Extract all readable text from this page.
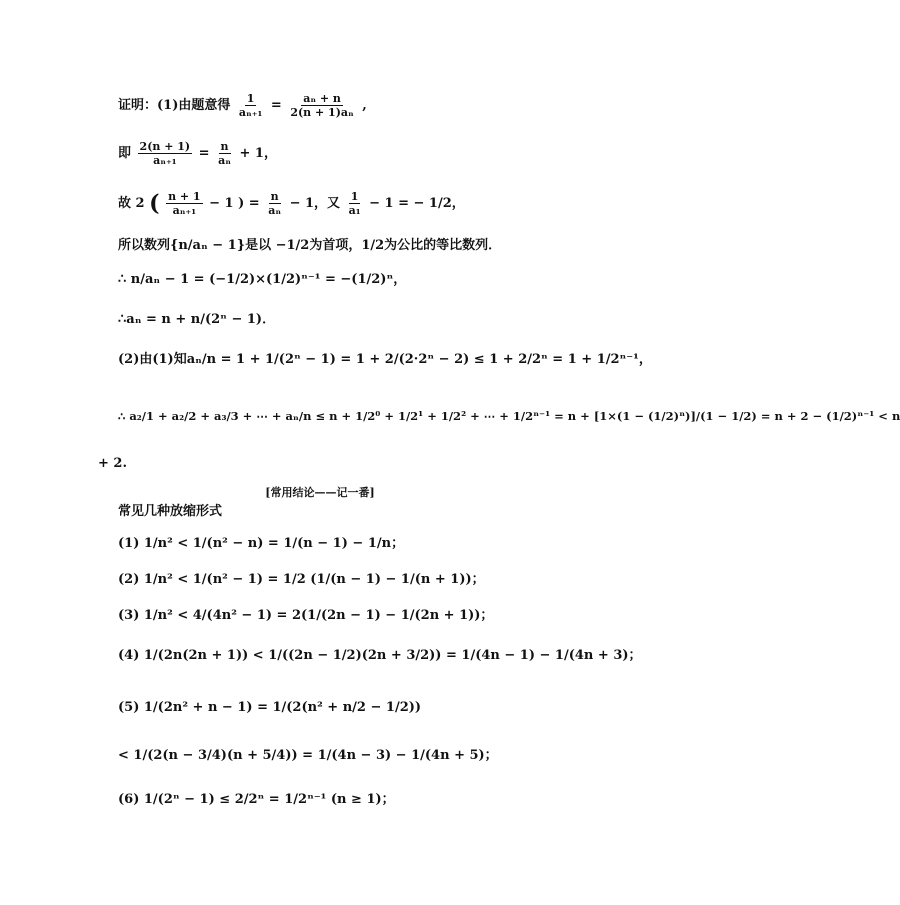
证明：(1)由题意得 $\frac{1}{\text{aₙ₊₁}} = \frac{\text{aₙ + n}}{\text{2(n + 1)aₙ}}$ ,
即 $\frac{2(n + 1)}{\text{aₙ₊₁}} = \frac{n}{\text{aₙ}} + 1$，
故 2 ( $\frac{n + 1}{\text{aₙ₊₁}} - 1$ ) = $\frac{n}{\text{aₙ}} - 1$，又 $\frac{1}{\text{a₁}} - 1$ = − 1/2，
所以数列{n/aₙ − 1}是以 −1/2为首项，1/2为公比的等比数列．
∴ n/aₙ − 1 = (−1/2)×(1/2)ⁿ⁻¹ = −(1/2)ⁿ，
∴aₙ = n + n/(2ⁿ − 1)．
(2)由(1)知aₙ/n = 1 + 1/(2ⁿ − 1) = 1 + 2/(2·2ⁿ − 2) ≤ 1 + 2/2ⁿ = 1 + 1/2ⁿ⁻¹，
∴ a₂/1 + a₂/2 + a₃/3 + ⋯ + aₙ/n ≤ n + 1/2⁰ + 1/2¹ + 1/2² + ⋯ + 1/2ⁿ⁻¹ = n + [1×(1 − (1/2)ⁿ)]/(1 − 1/2) = n + 2 − (1/2)ⁿ⁻¹ < n
+ 2.
[常用结论——记一番]
常见几种放缩形式
(1) 1/n² < 1/(n² − n) = 1/(n − 1) − 1/n；
(2) 1/n² < 1/(n² − 1) = 1/2 (1/(n − 1) − 1/(n + 1))；
(3) 1/n² < 4/(4n² − 1) = 2(1/(2n − 1) − 1/(2n + 1))；
(4) 1/(2n(2n + 1)) < 1/((2n − 1/2)(2n + 3/2)) = 1/(4n − 1) − 1/(4n + 3)；
(5) 1/(2n² + n − 1) = 1/(2(n² + n/2 − 1/2))
< 1/(2(n − 3/4)(n + 5/4)) = 1/(4n − 3) − 1/(4n + 5)；
(6) 1/(2ⁿ − 1) ≤ 2/2ⁿ = 1/2ⁿ⁻¹ (n ≥ 1)；
